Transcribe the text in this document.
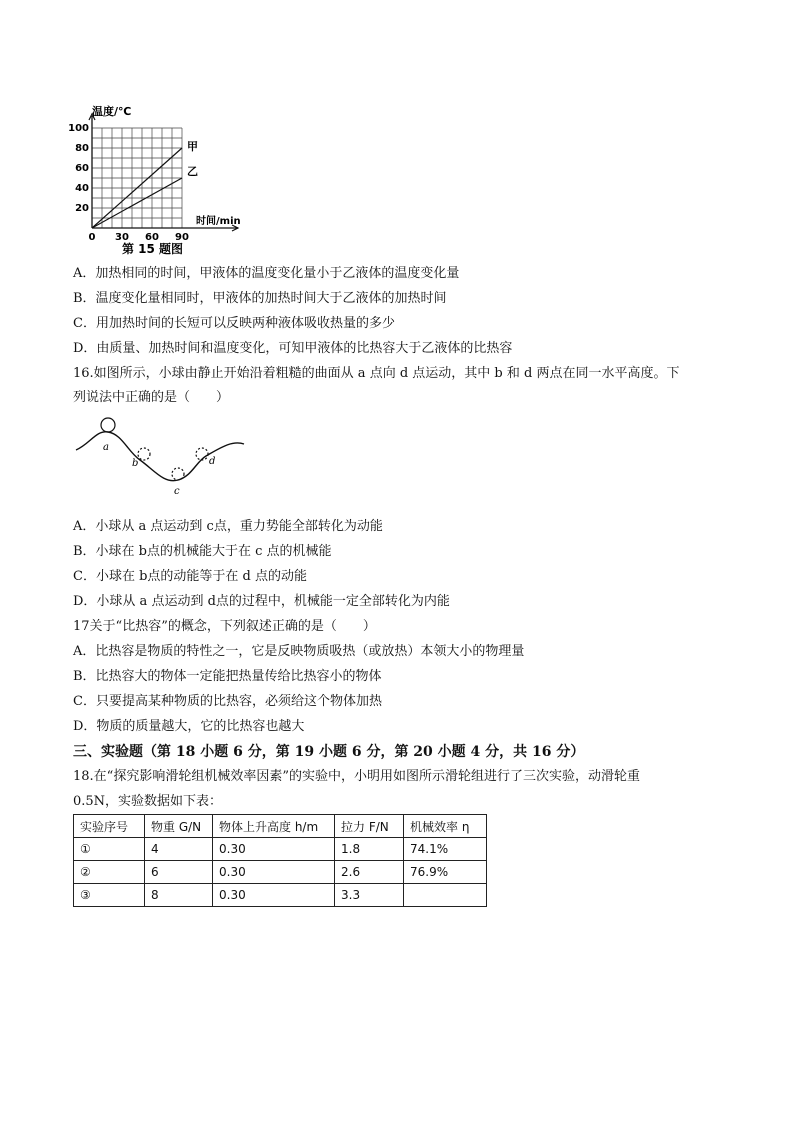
0 30 60 90
20
40
60
80
100
甲
乙
温度/℃
时间/min
第 15 题图
A．加热相同的时间，甲液体的温度变化量小于乙液体的温度变化量
B．温度变化量相同时，甲液体的加热时间大于乙液体的加热时间
C．用加热时间的长短可以反映两种液体吸收热量的多少
D．由质量、加热时间和温度变化，可知甲液体的比热容大于乙液体的比热容
16.如图所示，小球由静止开始沿着粗糙的曲面从 a 点向 d 点运动，其中 b 和 d 两点在同一水平高度。下
列说法中正确的是（　　）
a
b
c
d
A．小球从 a 点运动到 c点，重力势能全部转化为动能
B．小球在 b点的机械能大于在 c 点的机械能
C．小球在 b点的动能等于在 d 点的动能
D．小球从 a 点运动到 d点的过程中，机械能一定全部转化为内能
17关于“比热容”的概念，下列叙述正确的是（　　）
A．比热容是物质的特性之一，它是反映物质吸热（或放热）本领大小的物理量
B．比热容大的物体一定能把热量传给比热容小的物体
C．只要提高某种物质的比热容，必须给这个物体加热
D．物质的质量越大，它的比热容也越大
三、实验题（第 18 小题 6 分，第 19 小题 6 分，第 20 小题 4 分，共 16 分）
18.在“探究影响滑轮组机械效率因素”的实验中，小明用如图所示滑轮组进行了三次实验，动滑轮重
0.5N，实验数据如下表：
实验序号	物重 G/N	物体上升高度 h/m	拉力 F/N	机械效率 η
①	4	0.30	1.8	74.1%
②	6	0.30	2.6	76.9%
③	8	0.30	3.3	
